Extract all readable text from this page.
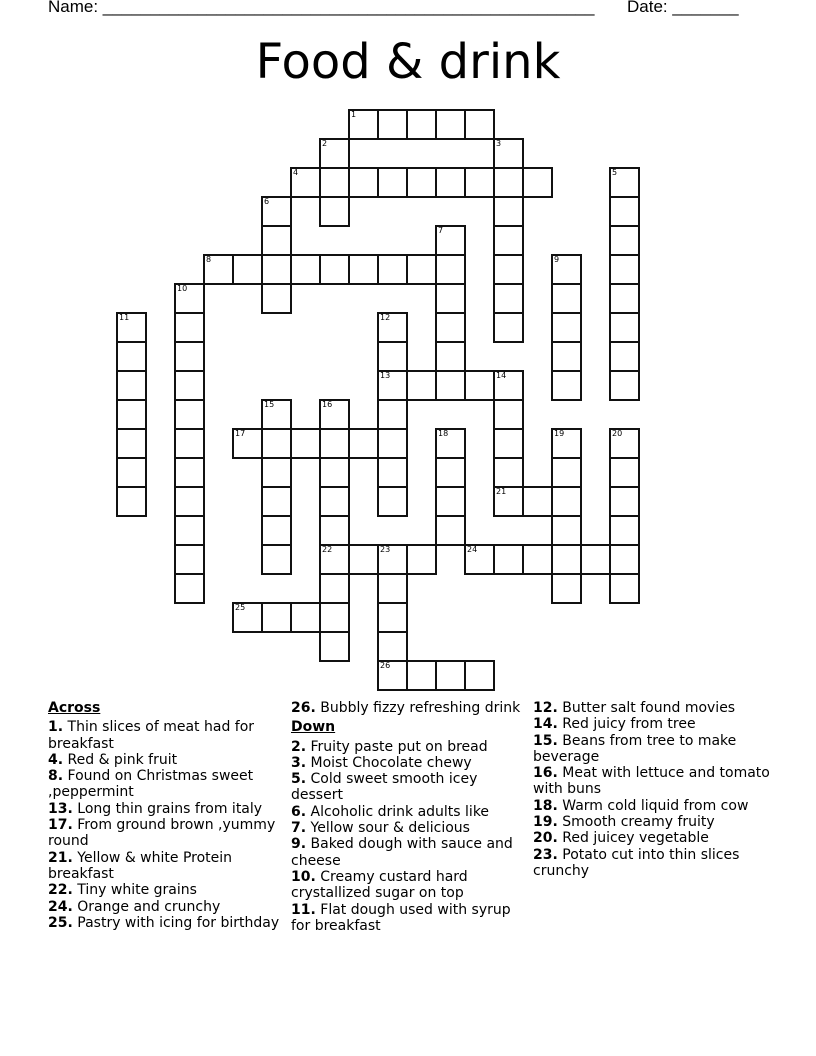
Name: ____________________________________________________ Date: _______
Food & drink
1
2	3
4	5
6
7
8	9
10
11	12
13	14
21
15	16
22
17	18	19	20
23
26
24
25
Across
1. Thin slices of meat had for breakfast
4. Red & pink fruit
8. Found on Christmas sweet ,peppermint
13. Long thin grains from italy
17. From ground brown ,yummy round
21. Yellow & white Protein breakfast
22. Tiny white grains
24. Orange and crunchy
25. Pastry with icing for birthday
26. Bubbly fizzy refreshing drink
Down
2. Fruity paste put on bread
3. Moist Chocolate chewy
5. Cold sweet smooth icey dessert
6. Alcoholic drink adults like
7. Yellow sour & delicious
9. Baked dough with sauce and cheese
10. Creamy custard hard crystallized sugar on top
11. Flat dough used with syrup for breakfast
12. Butter salt found movies
14. Red juicy from tree
15. Beans from tree to make beverage
16. Meat with lettuce and tomato with buns
18. Warm cold liquid from cow
19. Smooth creamy fruity
20. Red juicey vegetable
23. Potato cut into thin slices crunchy
